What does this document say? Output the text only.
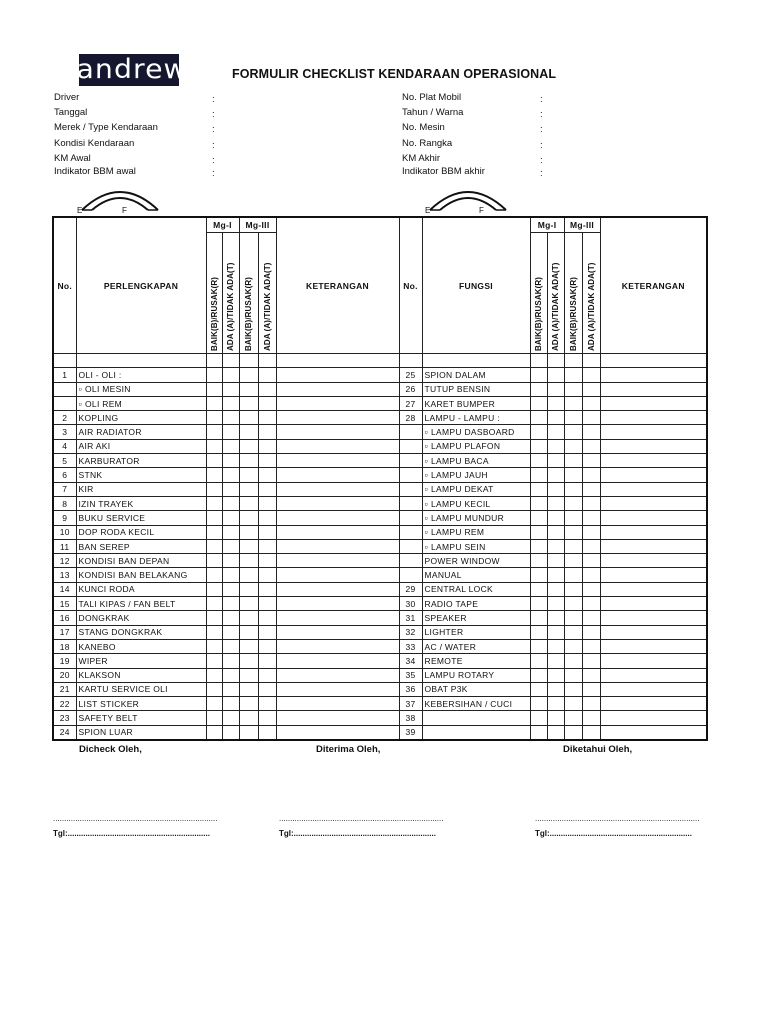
andrew	FORMULIR CHECKLIST KENDARAAN OPERASIONAL
Driver	:
Tanggal	:
Merek / Type Kendaraan	:
Kondisi Kendaraan	:
KM Awal	:
Indikator BBM awal	:
No. Plat Mobil	:
Tahun / Warna	:
No. Mesin	:
No. Rangka	:
KM Akhir	:
Indikator BBM akhir	:
E	F	E	F
No.	PERLENGKAPAN	Mg-I		Mg-III		KETERANGAN	No.	FUNGSI	Mg-I		Mg-III		KETERANGAN
		BAIK(B)/RUSAK(R)	ADA (A)/TIDAK ADA(T)	BAIK(B)/RUSAK(R)	ADA (A)/TIDAK ADA(T)				BAIK(B)/RUSAK(R)	ADA (A)/TIDAK ADA(T)	BAIK(B)/RUSAK(R)	ADA (A)/TIDAK ADA(T)	

1	OLI - OLI :						25	SPION DALAM					
	▫ OLI MESIN						26	TUTUP BENSIN					
	▫ OLI REM						27	KARET BUMPER					
2	KOPLING						28	LAMPU - LAMPU :					
3	AIR RADIATOR							▫ LAMPU DASBOARD					
4	AIR AKI							▫ LAMPU PLAFON					
5	KARBURATOR							▫ LAMPU BACA					
6	STNK							▫ LAMPU JAUH					
7	KIR							▫ LAMPU DEKAT					
8	IZIN TRAYEK							▫ LAMPU KECIL					
9	BUKU SERVICE							▫ LAMPU MUNDUR					
10	DOP RODA KECIL							▫ LAMPU REM					
11	BAN SEREP							▫ LAMPU SEIN					
12	KONDISI BAN DEPAN							POWER WINDOW					
13	KONDISI BAN BELAKANG							MANUAL					
14	KUNCI RODA						29	CENTRAL LOCK					
15	TALI KIPAS / FAN BELT						30	RADIO TAPE					
16	DONGKRAK						31	SPEAKER					
17	STANG DONGKRAK						32	LIGHTER					
18	KANEBO						33	AC / WATER					
19	WIPER						34	REMOTE					
20	KLAKSON						35	LAMPU ROTARY					
21	KARTU SERVICE OLI						36	OBAT P3K					
22	LIST STICKER						37	KEBERSIHAN / CUCI					
23	SAFETY BELT						38						
24	SPION LUAR						39						
Dicheck Oleh,
..........................................................................
Tgl:................................................................
Diterima Oleh,
..........................................................................
Tgl:................................................................
Diketahui Oleh,
..........................................................................
Tgl:................................................................
